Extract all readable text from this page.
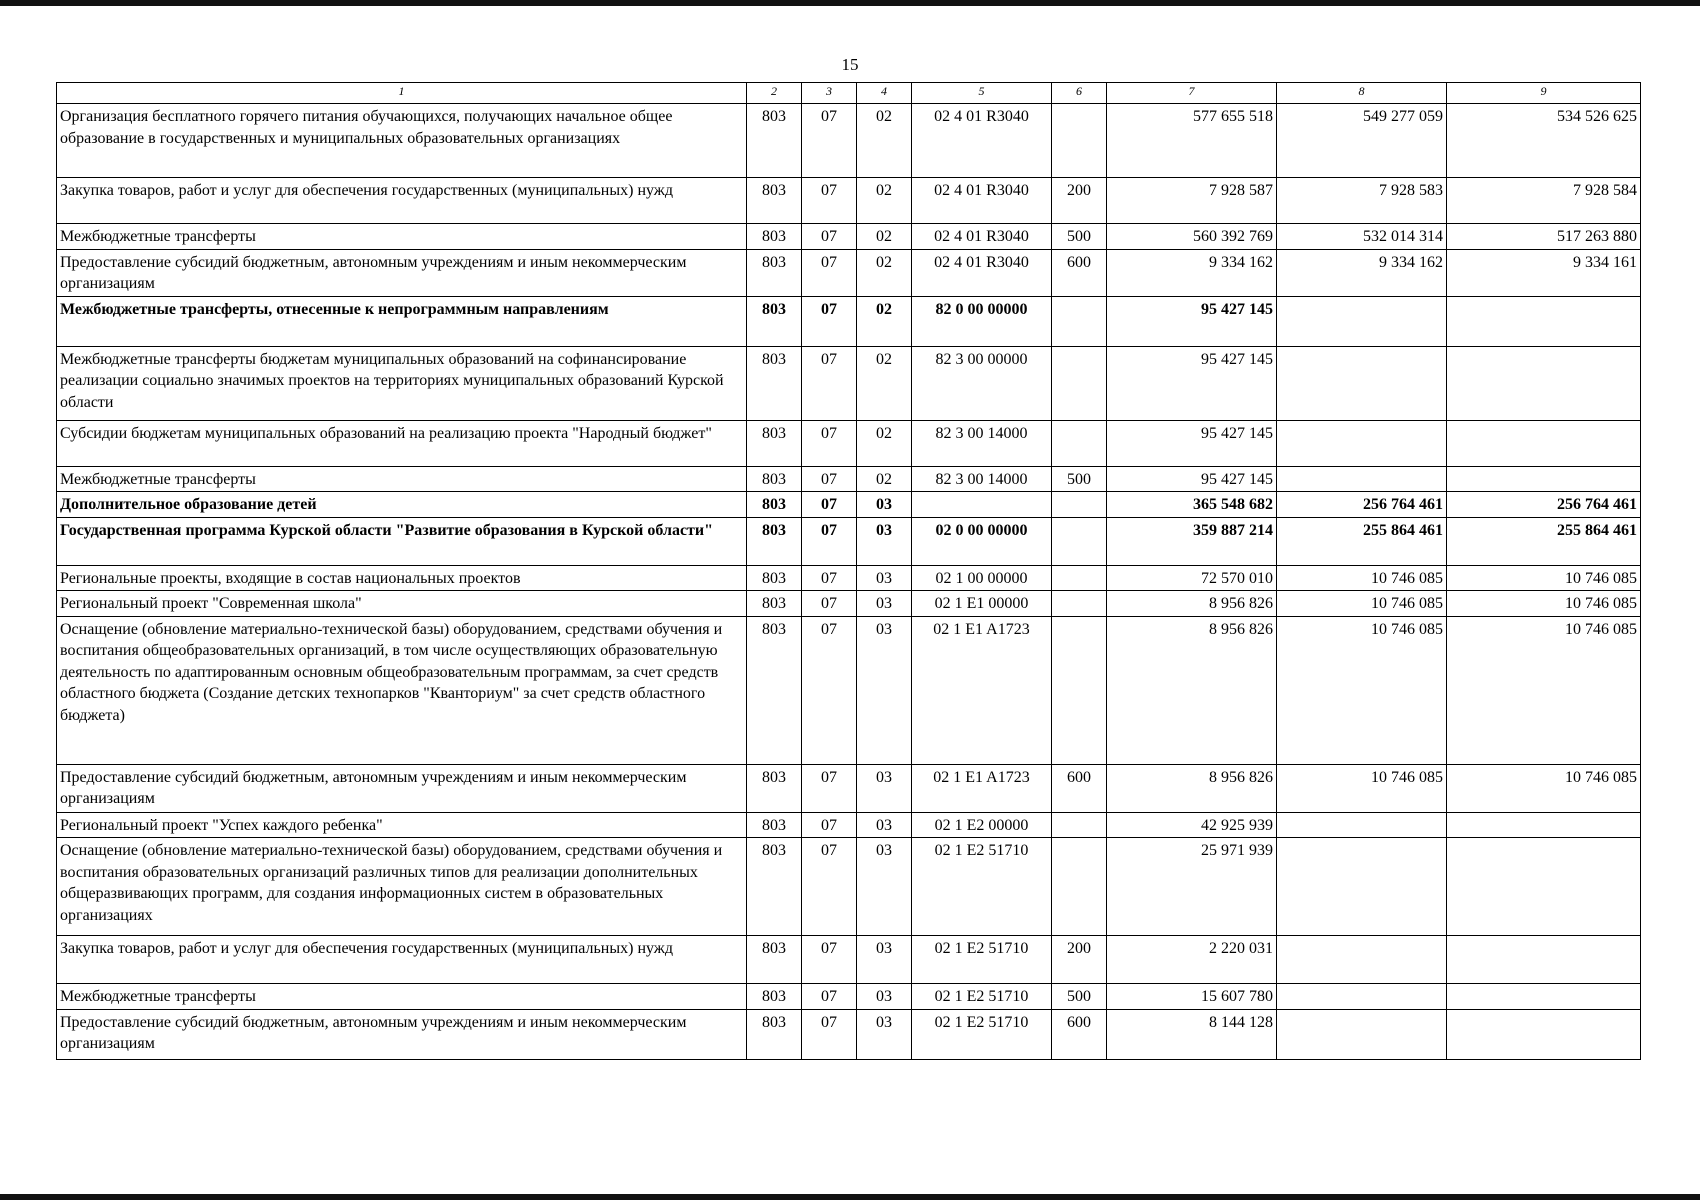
15
1	2	3	4	5	6	7	8	9
Организация бесплатного горячего питания обучающихся, получающих начальное общее образование в государственных и муниципальных образовательных организациях	803	07	02	02 4 01 R3040		577 655 518	549 277 059	534 526 625
Закупка товаров, работ и услуг для обеспечения государственных (муниципальных) нужд	803	07	02	02 4 01 R3040	200	7 928 587	7 928 583	7 928 584
Межбюджетные трансферты	803	07	02	02 4 01 R3040	500	560 392 769	532 014 314	517 263 880
Предоставление субсидий бюджетным, автономным учреждениям и иным некоммерческим организациям	803	07	02	02 4 01 R3040	600	9 334 162	9 334 162	9 334 161
Межбюджетные трансферты, отнесенные к непрограммным направлениям	803	07	02	82 0 00 00000		95 427 145		
Межбюджетные трансферты бюджетам муниципальных образований на софинансирование реализации социально значимых проектов на территориях муниципальных образований Курской области	803	07	02	82 3 00 00000		95 427 145		
Субсидии бюджетам муниципальных образований на реализацию проекта "Народный бюджет"	803	07	02	82 3 00 14000		95 427 145		
Межбюджетные трансферты	803	07	02	82 3 00 14000	500	95 427 145		
Дополнительное образование детей	803	07	03			365 548 682	256 764 461	256 764 461
Государственная программа Курской области "Развитие образования в Курской области"	803	07	03	02 0 00 00000		359 887 214	255 864 461	255 864 461
Региональные проекты, входящие в состав национальных проектов	803	07	03	02 1 00 00000		72 570 010	10 746 085	10 746 085
Региональный проект "Современная школа"	803	07	03	02 1 E1 00000		8 956 826	10 746 085	10 746 085
Оснащение (обновление материально-технической базы) оборудованием, средствами обучения и воспитания общеобразовательных организаций, в том числе осуществляющих образовательную деятельность по адаптированным основным общеобразовательным программам, за счет средств областного бюджета (Создание детских технопарков "Кванториум" за счет средств областного бюджета)	803	07	03	02 1 E1 A1723		8 956 826	10 746 085	10 746 085
Предоставление субсидий бюджетным, автономным учреждениям и иным некоммерческим организациям	803	07	03	02 1 E1 A1723	600	8 956 826	10 746 085	10 746 085
Региональный проект "Успех каждого ребенка"	803	07	03	02 1 E2 00000		42 925 939		
Оснащение (обновление материально-технической базы) оборудованием, средствами обучения и воспитания образовательных организаций различных типов для реализации дополнительных общеразвивающих программ, для создания информационных систем в образовательных организациях	803	07	03	02 1 E2 51710		25 971 939		
Закупка товаров, работ и услуг для обеспечения государственных (муниципальных) нужд	803	07	03	02 1 E2 51710	200	2 220 031		
Межбюджетные трансферты	803	07	03	02 1 E2 51710	500	15 607 780		
Предоставление субсидий бюджетным, автономным учреждениям и иным некоммерческим организациям	803	07	03	02 1 E2 51710	600	8 144 128		
